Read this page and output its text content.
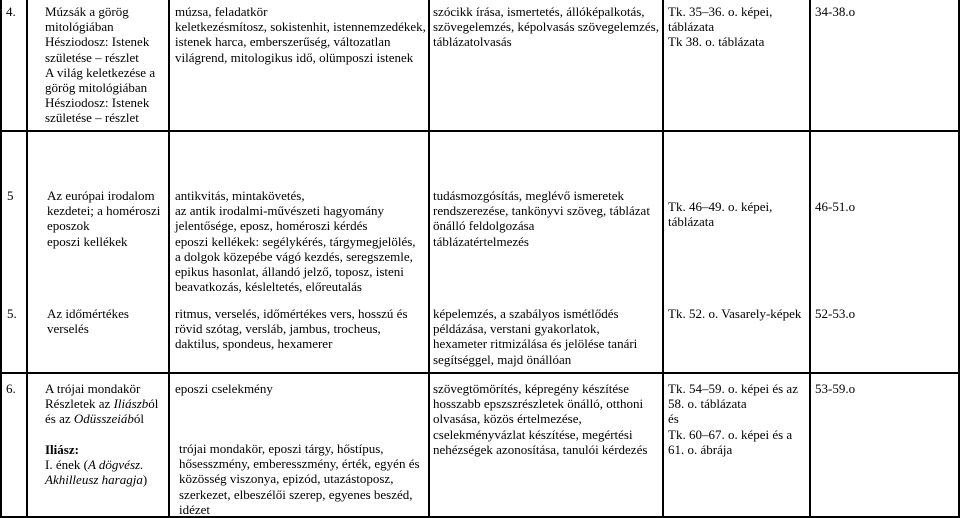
4. Múzsák a görög
mitológiában
Hésziodosz: Istenek
születése – részlet
A világ keletkezése a
görög mitológiában
Hésziodosz: Istenek
születése – részlet
múzsa, feladatkör
keletkezésmítosz, sokistenhit, istennemzedékek,
istenek harca, emberszerűség, változatlan
világrend, mitologikus idő, olümposzi istenek
szócikk írása, ismertetés, állóképalkotás,
szövegelemzés, képolvasás szövegelemzés,
táblázatolvasás
Tk. 35–36. o. képei,
táblázata
Tk 38. o. táblázata
34-38.o
5
5.
Az európai irodalom
kezdetei; a homéroszi
eposzok
eposzi kellékek
Az időmértékes
verselés
antikvitás, mintakövetés,
az antik irodalmi-művészeti hagyomány
jelentősége, eposz, homéroszi kérdés
eposzi kellékek: segélykérés, tárgymegjelölés,
a dolgok közepébe vágó kezdés, seregszemle,
epikus hasonlat, állandó jelző, toposz, isteni
beavatkozás, késleltetés, előreutalás
ritmus, verselés, időmértékes vers, hosszú és
rövid szótag, versláb, jambus, trocheus,
daktilus, spondeus, hexamerer
tudásmozgósítás, meglévő ismeretek
rendszerezése, tankönyvi szöveg, táblázat
önálló feldolgozása
táblázatértelmezés
képelemzés, a szabályos ismétlődés
példázása, verstani gyakorlatok,
hexameter ritmizálása és jelölése tanári
segítséggel, majd önállóan
Tk. 46–49. o. képei,
táblázata
Tk. 52. o. Vasarely-képek
46-51.o
52-53.o
6. A trójai mondakör
Részletek az Iliászból
és az Odüsszeiából
Iliász:
I. ének (A dögvész.
Akhilleusz haragja)
eposzi cselekmény
trójai mondakör, eposzi tárgy, hőstípus,
hősesszmény, emberesszmény, érték, egyén és
közösség viszonya, epizód, utazástoposz,
szerkezet, elbeszélői szerep, egyenes beszéd,
idézet
szövegtömörítés, képregény készítése
hosszabb epszszrészletek önálló, otthoni
olvasása, közös értelmezése,
cselekményvázlat készítése, megértési
nehézségek azonosítása, tanulói kérdezés
Tk. 54–59. o. képei és az
58. o. táblázata
és
Tk. 60–67. o. képei és a
61. o. ábrája
53-59.o
